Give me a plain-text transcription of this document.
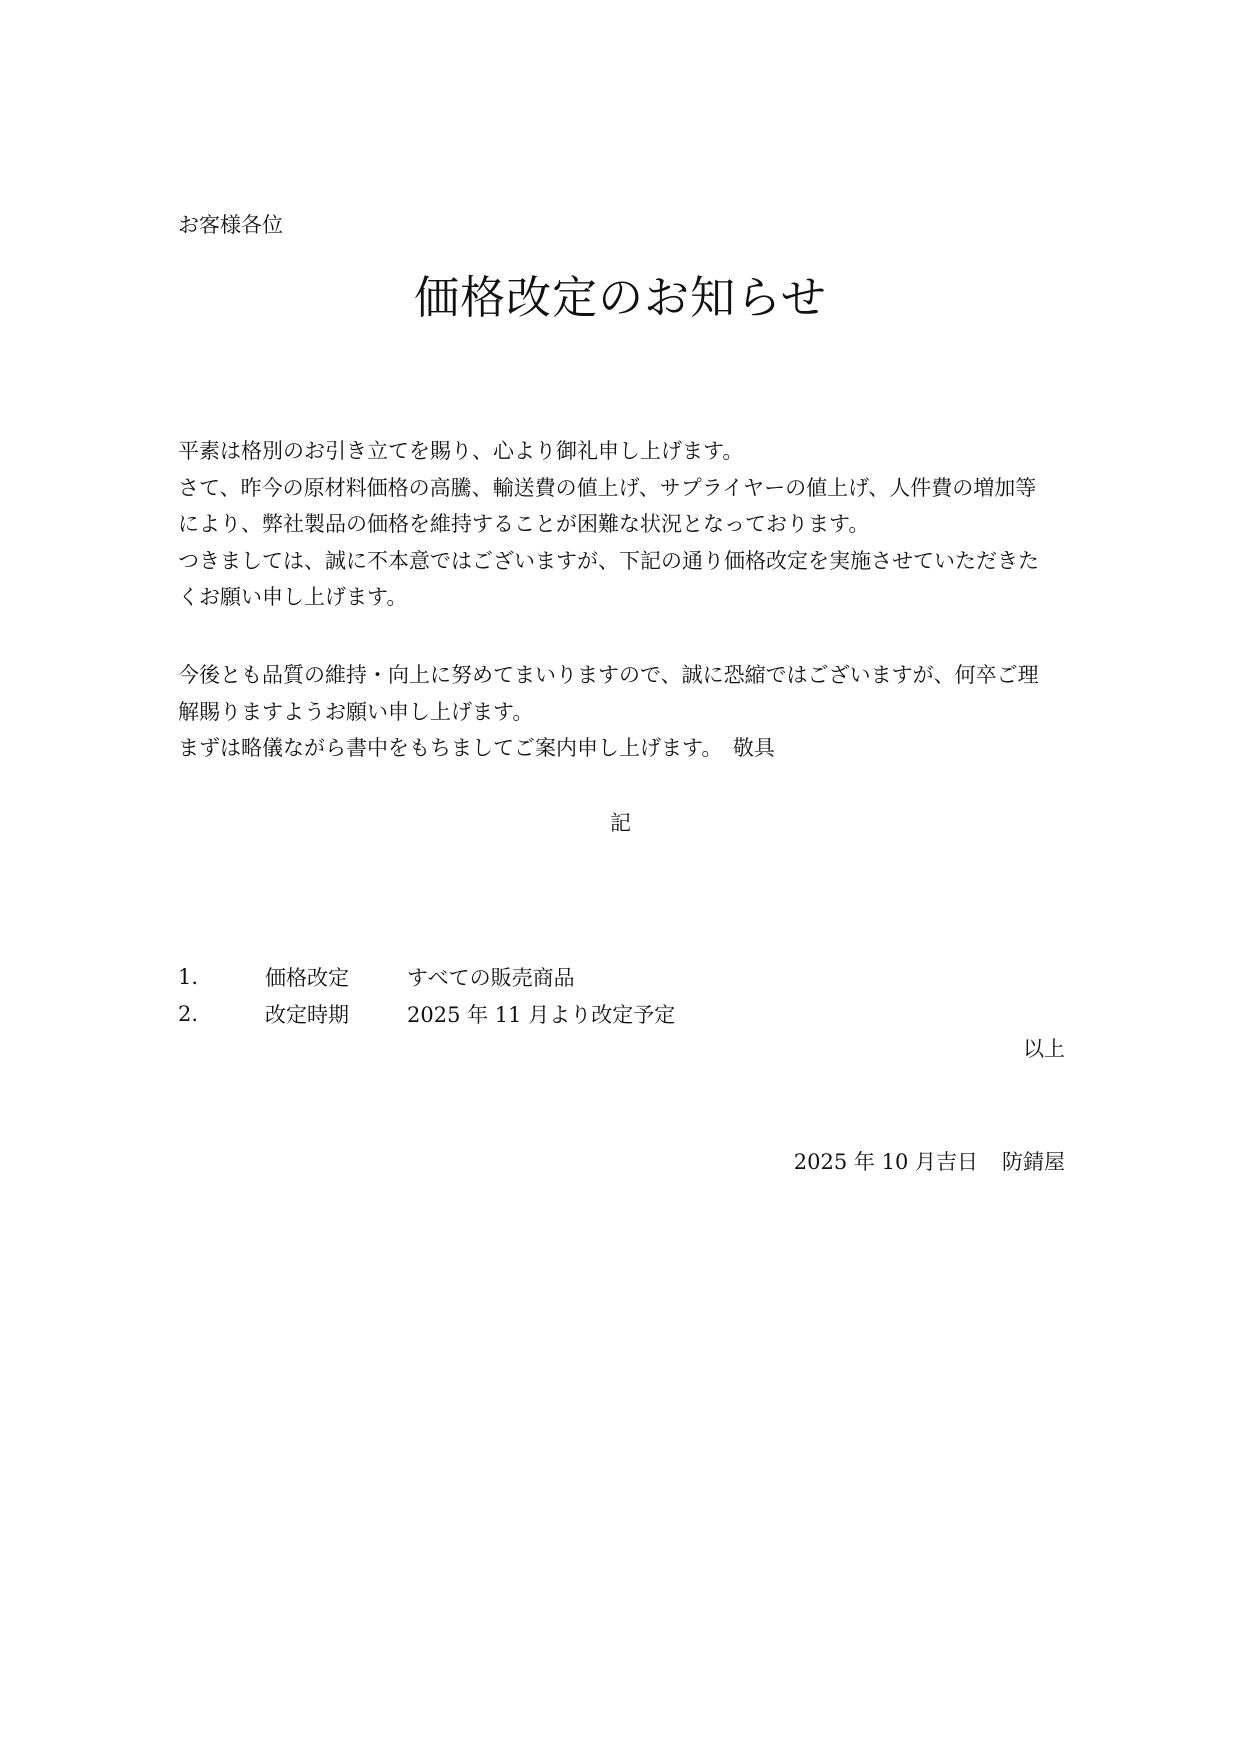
お客様各位
価格改定のお知らせ
平素は格別のお引き立てを賜り、心より御礼申し上げます。
さて、昨今の原材料価格の高騰、輸送費の値上げ、サプライヤーの値上げ、人件費の増加等
により、弊社製品の価格を維持することが困難な状況となっております。
つきましては、誠に不本意ではございますが、下記の通り価格改定を実施させていただきた
くお願い申し上げます。
今後とも品質の維持・向上に努めてまいりますので、誠に恐縮ではございますが、何卒ご理
解賜りますようお願い申し上げます。
まずは略儀ながら書中をもちましてご案内申し上げます。　敬具
記
1.	価格改定	すべての販売商品
2.	改定時期	2025 年 11 月より改定予定
以上
2025 年 10 月吉日 防錆屋
